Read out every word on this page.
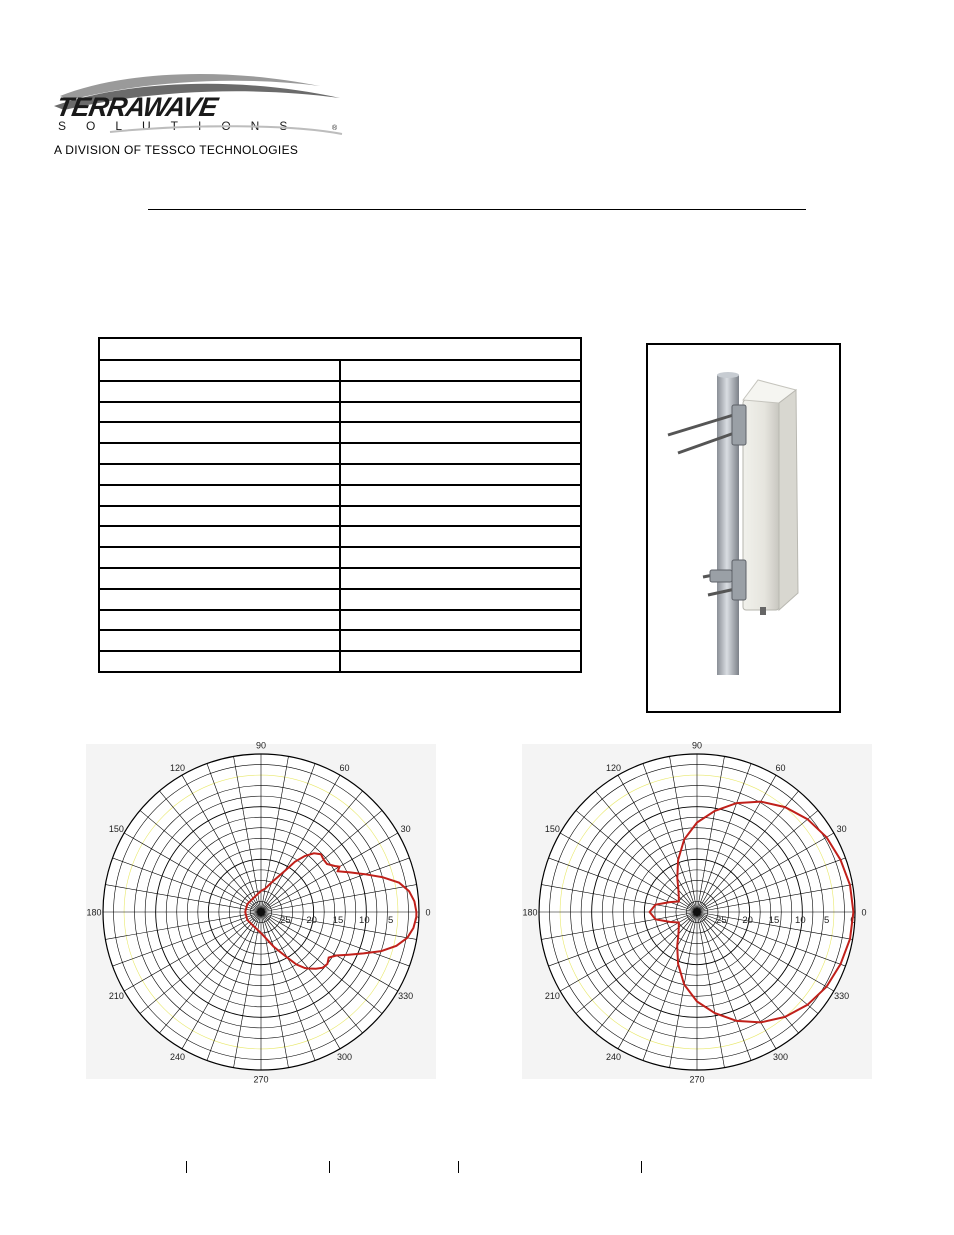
TERRAWAVE
SOLUTIONS	®
A DIVISION OF TESSCO TECHNOLOGIES

0
30
60
90
120
150
180
210
240
270
300
330
25 20 15 10 5 0
0
30
60
90
120
150
180
210
240
270
300
330
25 20 15 10 5 0
